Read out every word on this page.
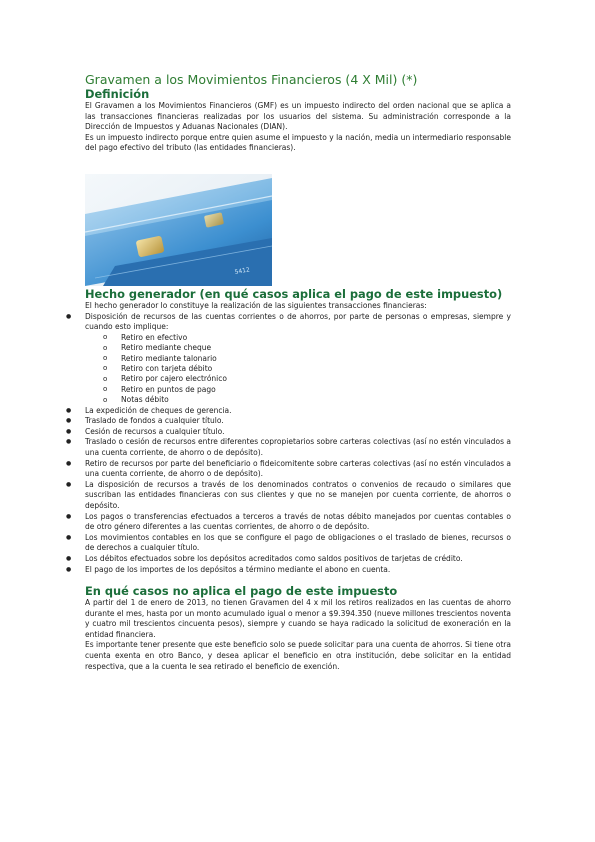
Gravamen a los Movimientos Financieros (4 X Mil) (*)
Definición

El Gravamen a los Movimientos Financieros (GMF) es un impuesto indirecto del orden nacional que se aplica a las transacciones financieras realizadas por los usuarios del sistema. Su administración corresponde a la Dirección de Impuestos y Aduanas Nacionales (DIAN).

Es un impuesto indirecto porque entre quien asume el impuesto y la nación, media un intermediario responsable del pago efectivo del tributo (las entidades financieras).

5412
Hecho generador (en qué casos aplica el pago de este impuesto)

El hecho generador lo constituye la realización de las siguientes transacciones financieras:

● Disposición de recursos de las cuentas corrientes o de ahorros, por parte de personas o empresas, siempre y cuando esto implique:
o Retiro en efectivo
o Retiro mediante cheque
o Retiro mediante talonario
o Retiro con tarjeta débito
o Retiro por cajero electrónico
o Retiro en puntos de pago
o Notas débito
● La expedición de cheques de gerencia.
● Traslado de fondos a cualquier título.
● Cesión de recursos a cualquier título.
● Traslado o cesión de recursos entre diferentes copropietarios sobre carteras colectivas (así no estén vinculados a una cuenta corriente, de ahorro o de depósito).
● Retiro de recursos por parte del beneficiario o fideicomitente sobre carteras colectivas (así no estén vinculados a una cuenta corriente, de ahorro o de depósito).
● La disposición de recursos a través de los denominados contratos o convenios de recaudo o similares que suscriban las entidades financieras con sus clientes y que no se manejen por cuenta corriente, de ahorros o depósito.
● Los pagos o transferencias efectuados a terceros a través de notas débito manejados por cuentas contables o de otro género diferentes a las cuentas corrientes, de ahorro o de depósito.
● Los movimientos contables en los que se configure el pago de obligaciones o el traslado de bienes, recursos o de derechos a cualquier título.
● Los débitos efectuados sobre los depósitos acreditados como saldos positivos de tarjetas de crédito.
● El pago de los importes de los depósitos a término mediante el abono en cuenta.
En qué casos no aplica el pago de este impuesto

A partir del 1 de enero de 2013, no tienen Gravamen del 4 x mil los retiros realizados en las cuentas de ahorro durante el mes, hasta por un monto acumulado igual o menor a $9.394.350 (nueve millones trescientos noventa y cuatro mil trescientos cincuenta pesos), siempre y cuando se haya radicado la solicitud de exoneración en la entidad financiera.

Es importante tener presente que este beneficio solo se puede solicitar para una cuenta de ahorros. Si tiene otra cuenta exenta en otro Banco, y desea aplicar el beneficio en otra institución, debe solicitar en la entidad respectiva, que a la cuenta le sea retirado el beneficio de exención.
